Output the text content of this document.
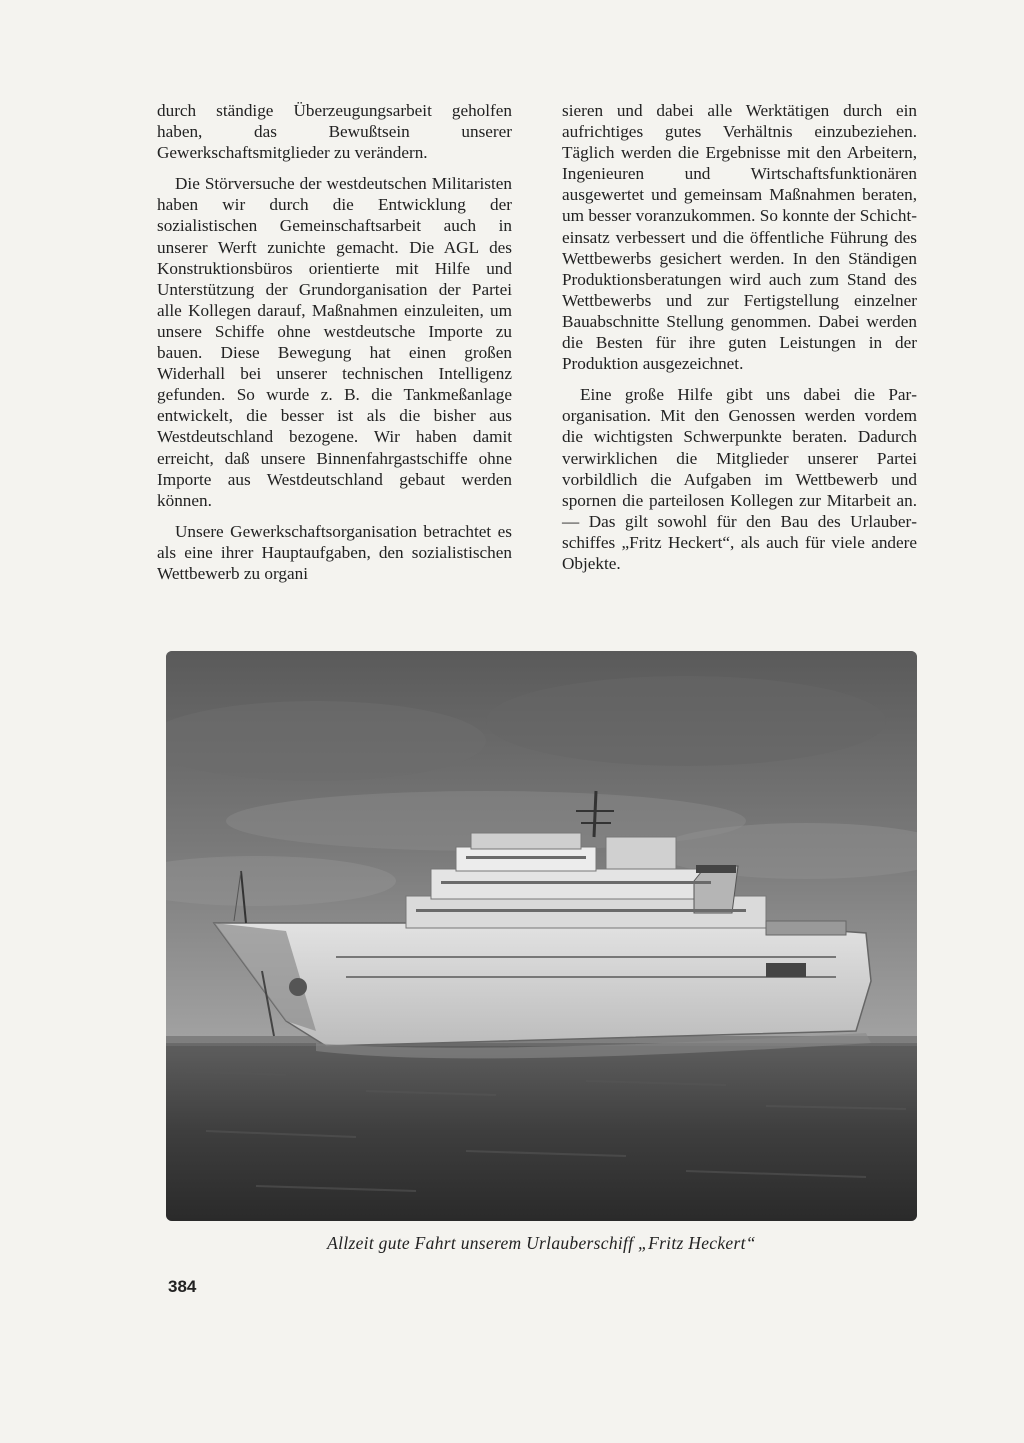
durch ständige Überzeugungsarbeit geholfen haben, das Bewußtsein unserer Gewerkschaftsmitglieder zu verändern.

Die Störversuche der westdeutschen Militaristen haben wir durch die Entwicklung der sozialistischen Gemeinschaftsarbeit auch in unserer Werft zunichte gemacht. Die AGL des Konstruktionsbüros orientierte mit Hilfe und Unterstützung der Grundorganisation der Partei alle Kollegen darauf, Maßnahmen einzuleiten, um unsere Schiffe ohne westdeutsche Importe zu bauen. Diese Bewegung hat einen großen Widerhall bei unserer technischen Intelligenz gefunden. So wurde z. B. die Tankmeßanlage entwickelt, die besser ist als die bisher aus Westdeutschland bezogene. Wir haben damit erreicht, daß unsere Binnenfahrgastschiffe ohne Importe aus Westdeutschland gebaut werden können.

Unsere Gewerkschaftsorganisation betrachtet es als eine ihrer Hauptaufgaben, den sozialistischen Wettbewerb zu organi

sieren und dabei alle Werktätigen durch ein aufrichtiges gutes Verhältnis einzubeziehen. Täglich werden die Ergebnisse mit den Arbeitern, Ingenieuren und Wirtschaftsfunktionären ausgewertet und gemeinsam Maßnahmen beraten, um besser voranzukommen. So konnte der Schichteinsatz verbessert und die öffentliche Führung des Wettbewerbs gesichert werden. In den Ständigen Produktionsberatungen wird auch zum Stand des Wettbewerbs und zur Fertigstellung einzelner Bauabschnitte Stellung genommen. Dabei werden die Besten für ihre guten Leistungen in der Produktion ausgezeichnet.

Eine große Hilfe gibt uns dabei die Parorganisation. Mit den Genossen werden vordem die wichtigsten Schwerpunkte beraten. Dadurch verwirklichen die Mitglieder unserer Partei vorbildlich die Aufgaben im Wettbewerb und spornen die parteilosen Kollegen zur Mitarbeit an. — Das gilt sowohl für den Bau des Urlauberschiffes „Fritz Heckert“, als auch für viele andere Objekte.

Allzeit gute Fahrt unserem Urlauberschiff „Fritz Heckert“
384
